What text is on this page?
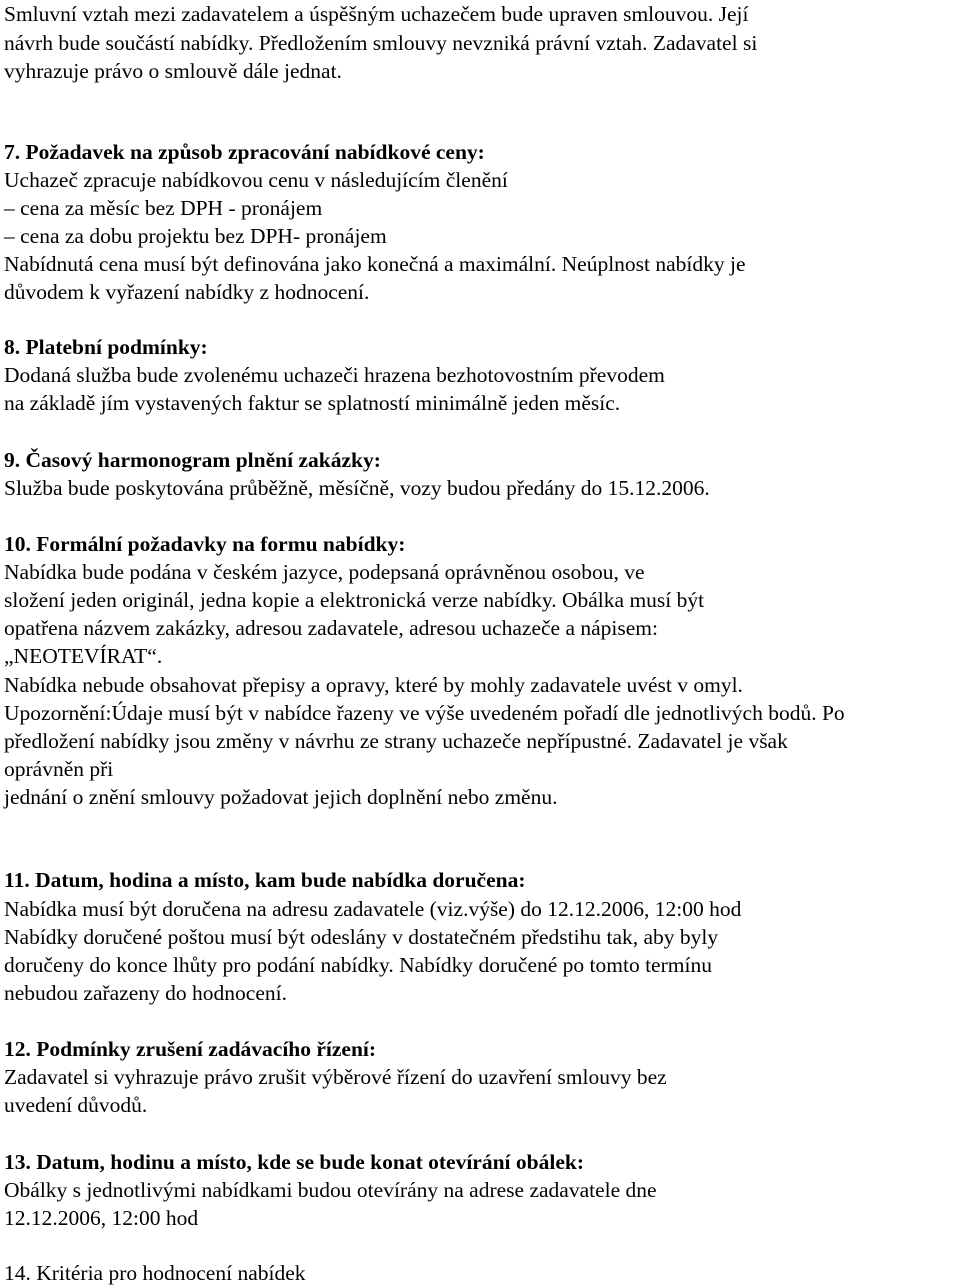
Smluvní vztah mezi zadavatelem a úspěšným uchazečem bude upraven smlouvou. Její
návrh bude součástí nabídky. Předložením smlouvy nevzniká právní vztah. Zadavatel si
vyhrazuje právo o smlouvě dále jednat.
7. Požadavek na způsob zpracování nabídkové ceny:
Uchazeč zpracuje nabídkovou cenu v následujícím členění
– cena za měsíc bez DPH - pronájem
– cena za dobu projektu bez DPH- pronájem
Nabídnutá cena musí být definována jako konečná a maximální. Neúplnost nabídky je
důvodem k vyřazení nabídky z hodnocení.
8. Platební podmínky:
Dodaná služba bude zvolenému uchazeči hrazena bezhotovostním převodem
na základě jím vystavených faktur se splatností minimálně jeden měsíc.
9. Časový harmonogram plnění zakázky:
Služba bude poskytována průběžně, měsíčně, vozy budou předány do 15.12.2006.
10. Formální požadavky na formu nabídky:
Nabídka bude podána v českém jazyce, podepsaná oprávněnou osobou, ve
složení jeden originál, jedna kopie a elektronická verze nabídky. Obálka musí být
opatřena názvem zakázky, adresou zadavatele, adresou uchazeče a nápisem:
„NEOTEVÍRAT“.
Nabídka nebude obsahovat přepisy a opravy, které by mohly zadavatele uvést v omyl.
Upozornění:Údaje musí být v nabídce řazeny ve výše uvedeném pořadí dle jednotlivých bodů. Po
předložení nabídky jsou změny v návrhu ze strany uchazeče nepřípustné. Zadavatel je však
oprávněn při
jednání o znění smlouvy požadovat jejich doplnění nebo změnu.
11. Datum, hodina a místo, kam bude nabídka doručena:
Nabídka musí být doručena na adresu zadavatele (viz.výše) do 12.12.2006, 12:00 hod
Nabídky doručené poštou musí být odeslány v dostatečném předstihu tak, aby byly
doručeny do konce lhůty pro podání nabídky. Nabídky doručené po tomto termínu
nebudou zařazeny do hodnocení.
12. Podmínky zrušení zadávacího řízení:
Zadavatel si vyhrazuje právo zrušit výběrové řízení do uzavření smlouvy bez
uvedení důvodů.
13. Datum, hodinu a místo, kde se bude konat otevírání obálek:
Obálky s jednotlivými nabídkami budou otevírány na adrese zadavatele dne
12.12.2006, 12:00 hod
14. Kritéria pro hodnocení nabídek
